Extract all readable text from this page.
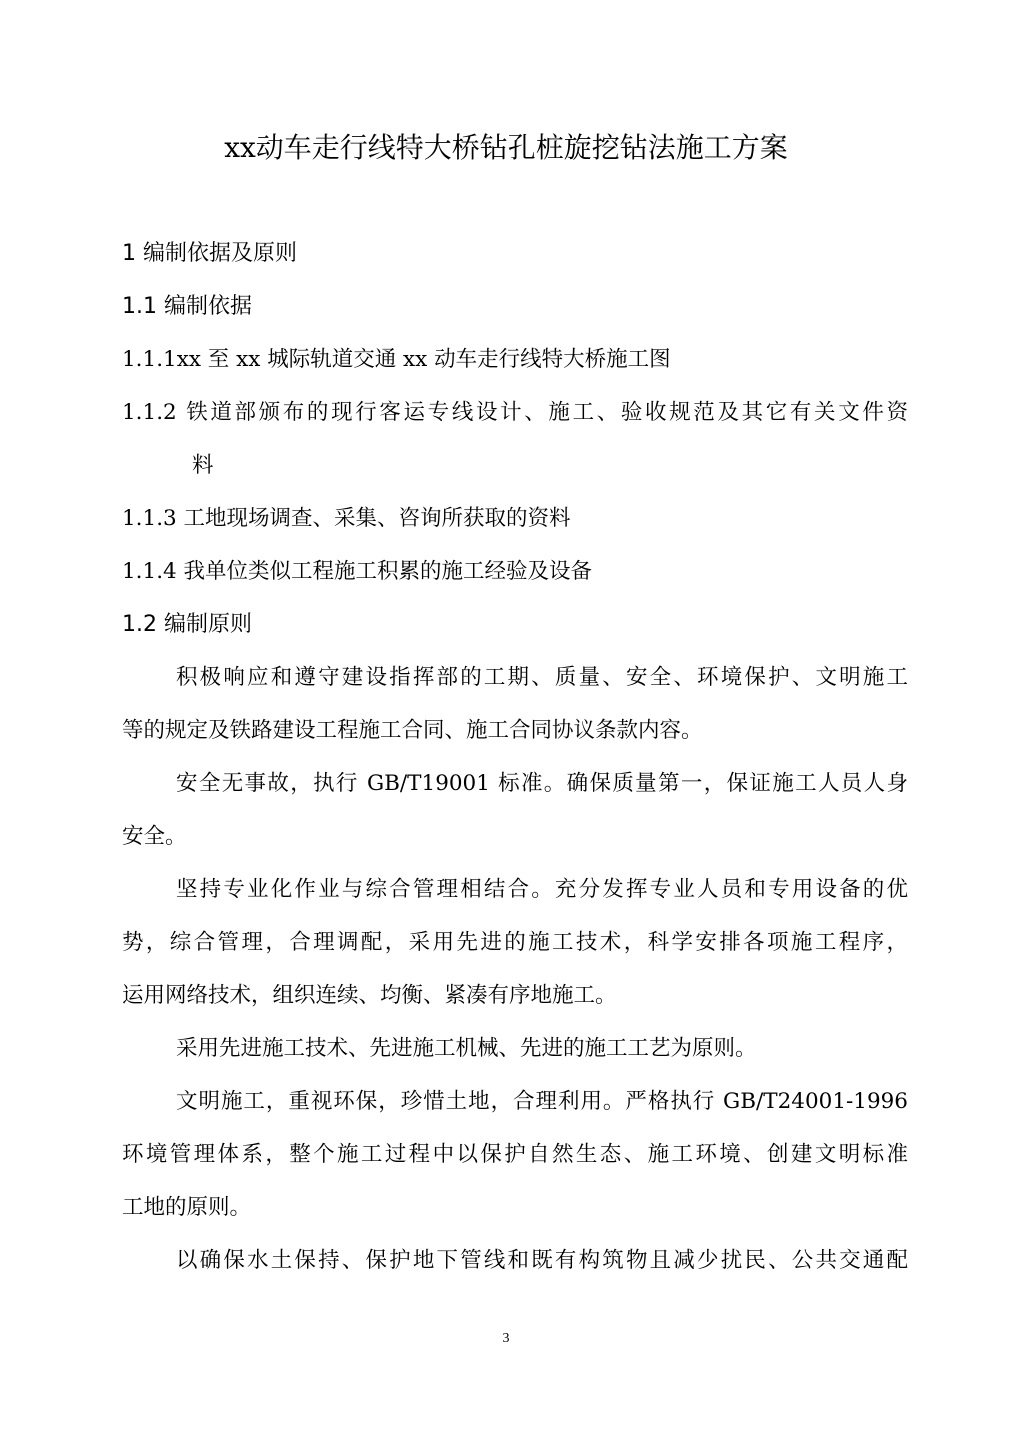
xx动车走行线特大桥钻孔桩旋挖钻法施工方案
1 编制依据及原则
1.1 编制依据
1.1.1xx 至 xx 城际轨道交通 xx 动车走行线特大桥施工图
1.1.2 铁道部颁布的现行客运专线设计、施工、验收规范及其它有关文件资
料
1.1.3 工地现场调查、采集、咨询所获取的资料
1.1.4 我单位类似工程施工积累的施工经验及设备
1.2 编制原则
积极响应和遵守建设指挥部的工期、质量、安全、环境保护、文明施工
等的规定及铁路建设工程施工合同、施工合同协议条款内容。
安全无事故，执行 GB/T19001 标准。确保质量第一，保证施工人员人身
安全。
坚持专业化作业与综合管理相结合。充分发挥专业人员和专用设备的优
势，综合管理，合理调配，采用先进的施工技术，科学安排各项施工程序，
运用网络技术，组织连续、均衡、紧凑有序地施工。
采用先进施工技术、先进施工机械、先进的施工工艺为原则。
文明施工，重视环保，珍惜土地，合理利用。严格执行 GB/T24001-1996
环境管理体系，整个施工过程中以保护自然生态、施工环境、创建文明标准
工地的原则。
以确保水土保持、保护地下管线和既有构筑物且减少扰民、公共交通配
3
